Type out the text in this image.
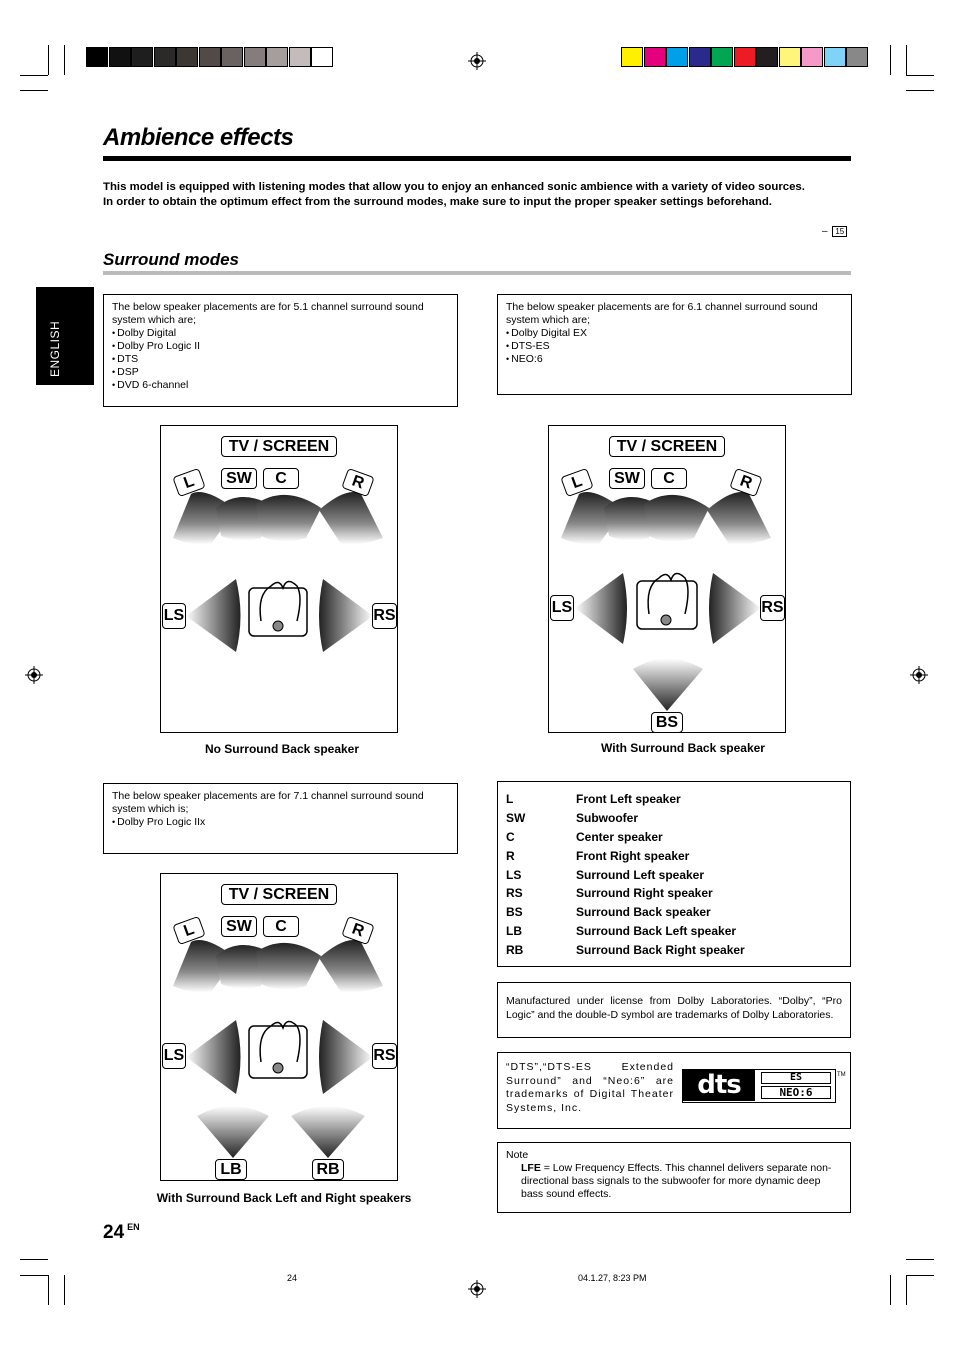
Ambience effects
This model is equipped with listening modes that allow you to enjoy an enhanced sonic ambience with a variety of video sources.
In order to obtain the optimum effect from the surround modes, make sure to input the proper speaker settings beforehand.
– 15
Surround modes
ENGLISH
The below speaker placements are for 5.1 channel surround sound system which are;
• Dolby Digital
• Dolby Pro Logic II
• DTS
• DSP
• DVD 6-channel
The below speaker placements are for 6.1 channel surround sound system which are;
• Dolby Digital EX
• DTS-ES
• NEO:6
The below speaker placements are for 7.1 channel surround sound system which is;
• Dolby Pro Logic IIx
TV / SCREEN
SW	C
L	R
LS	RS
No Surround Back speaker
TV / SCREEN
SW	C
L	R
LS	RS
BS
With Surround Back speaker
TV / SCREEN
SW	C
L	R
LS	RS
LB	RB
With Surround Back Left and Right speakers
L	Front Left speaker
SW	Subwoofer
C	Center speaker
R	Front Right speaker
LS	Surround Left speaker
RS	Surround Right speaker
BS	Surround Back speaker
LB	Surround Back Left speaker
RB	Surround Back Right speaker
Manufactured under license from Dolby Laboratories. “Dolby”, “Pro Logic” and the double-D symbol are trademarks of Dolby Laboratories.
“DTS”,“DTS-ES Extended Surround” and “Neo:6” are trademarks of Digital Theater Systems, Inc.
dts	ES
NEO:6
TM
Note
LFE = Low Frequency Effects. This channel delivers separate non-directional bass signals to the subwoofer for more dynamic deep bass sound effects.
24 $^{EN}$
24	04.1.27, 8:23 PM
